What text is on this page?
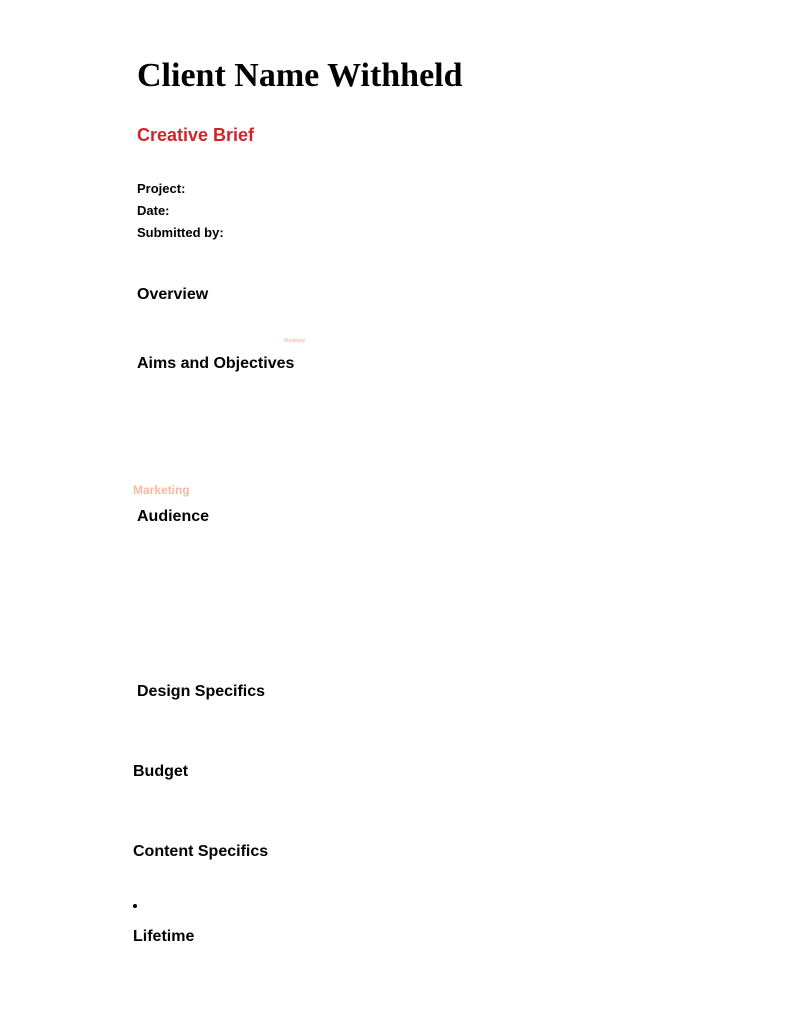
Client Name Withheld
Creative Brief
Project:
Date:
Submitted by:
Overview
Vecteezy
Aims and Objectives
Marketing
Audience
Design Specifics
Budget
Content Specifics
Lifetime
